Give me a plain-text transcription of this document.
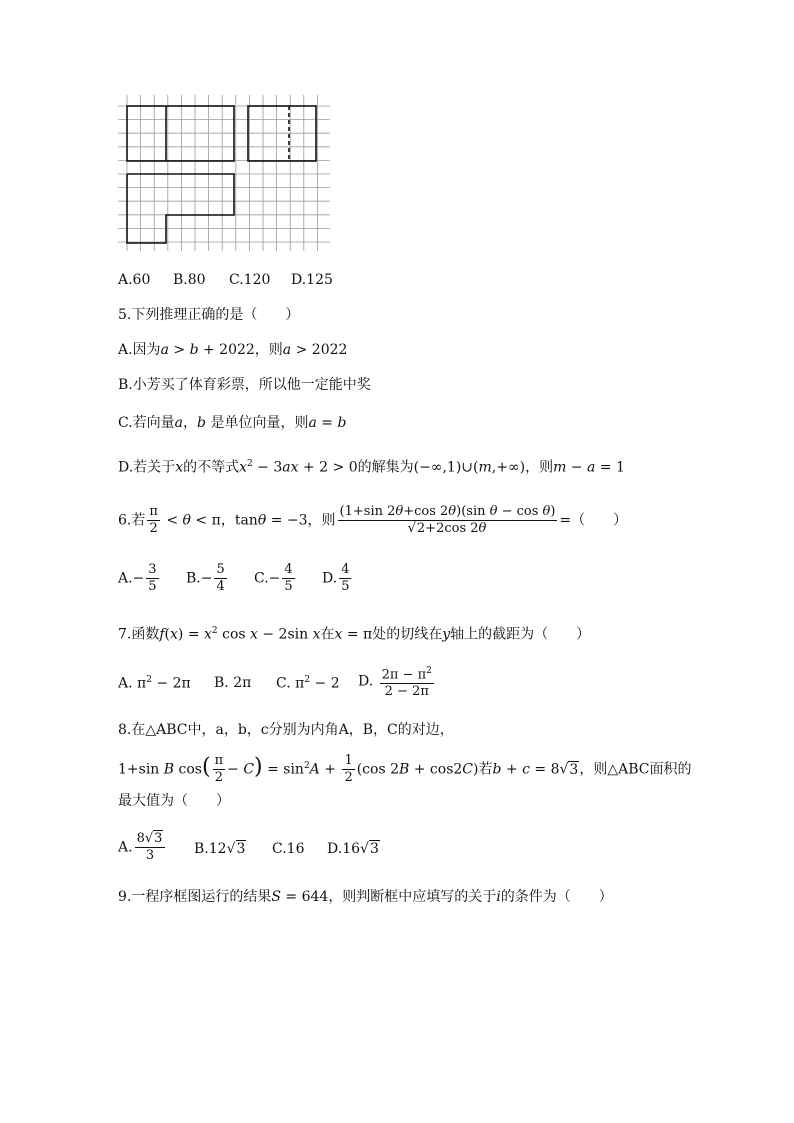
A.60 B.80 C.120 D.125
5.下列推理正确的是（　　）
A.因为a > b + 2022，则a > 2022
B.小芳买了体育彩票，所以他一定能中奖
C.若向量a，b 是单位向量，则a = b
D.若关于x的不等式$x^2 - 3ax + 2 > 0$的解集为(−∞,1)∪(m,+∞)，则m − a = 1
6.若 $\frac{\pi}{2} < \theta < \pi$，tanθ = −3，则 $\frac{\text{(1+sin 2θ+cos 2θ)(sin θ − cos θ)}}{√2+2\cos 2\theta}$ =（　　）
$A.- \frac{3}{5} B.- \frac{5}{4} C.- \frac{4}{5} D$. $\frac{4}{5}$
7.函数$f(x) = x^2$ cos x − 2sin x在x = π处的切线在y轴上的截距为（　　）
A. $\pi^2 - 2\pi$ B. 2π C. $\pi^2 - 2$ D. $\frac{2\pi - \pi^2}{2 - 2\pi}$
8.在△ABC中，a，b，c分别为内角A，B，C的对边，
1+sin B $\cos( \frac{\pi}{2} - C) = \sin^2A + \frac{1}{2} (\cos$ 2B + cos2C)若b + c = 8√3，则△ABC面积的
最大值为（　　）
A. $\frac{8√3}{3} B.12√3$ C.16 D.16√3
9.一程序框图运行的结果S = 644，则判断框中应填写的关于i的条件为（　　）
